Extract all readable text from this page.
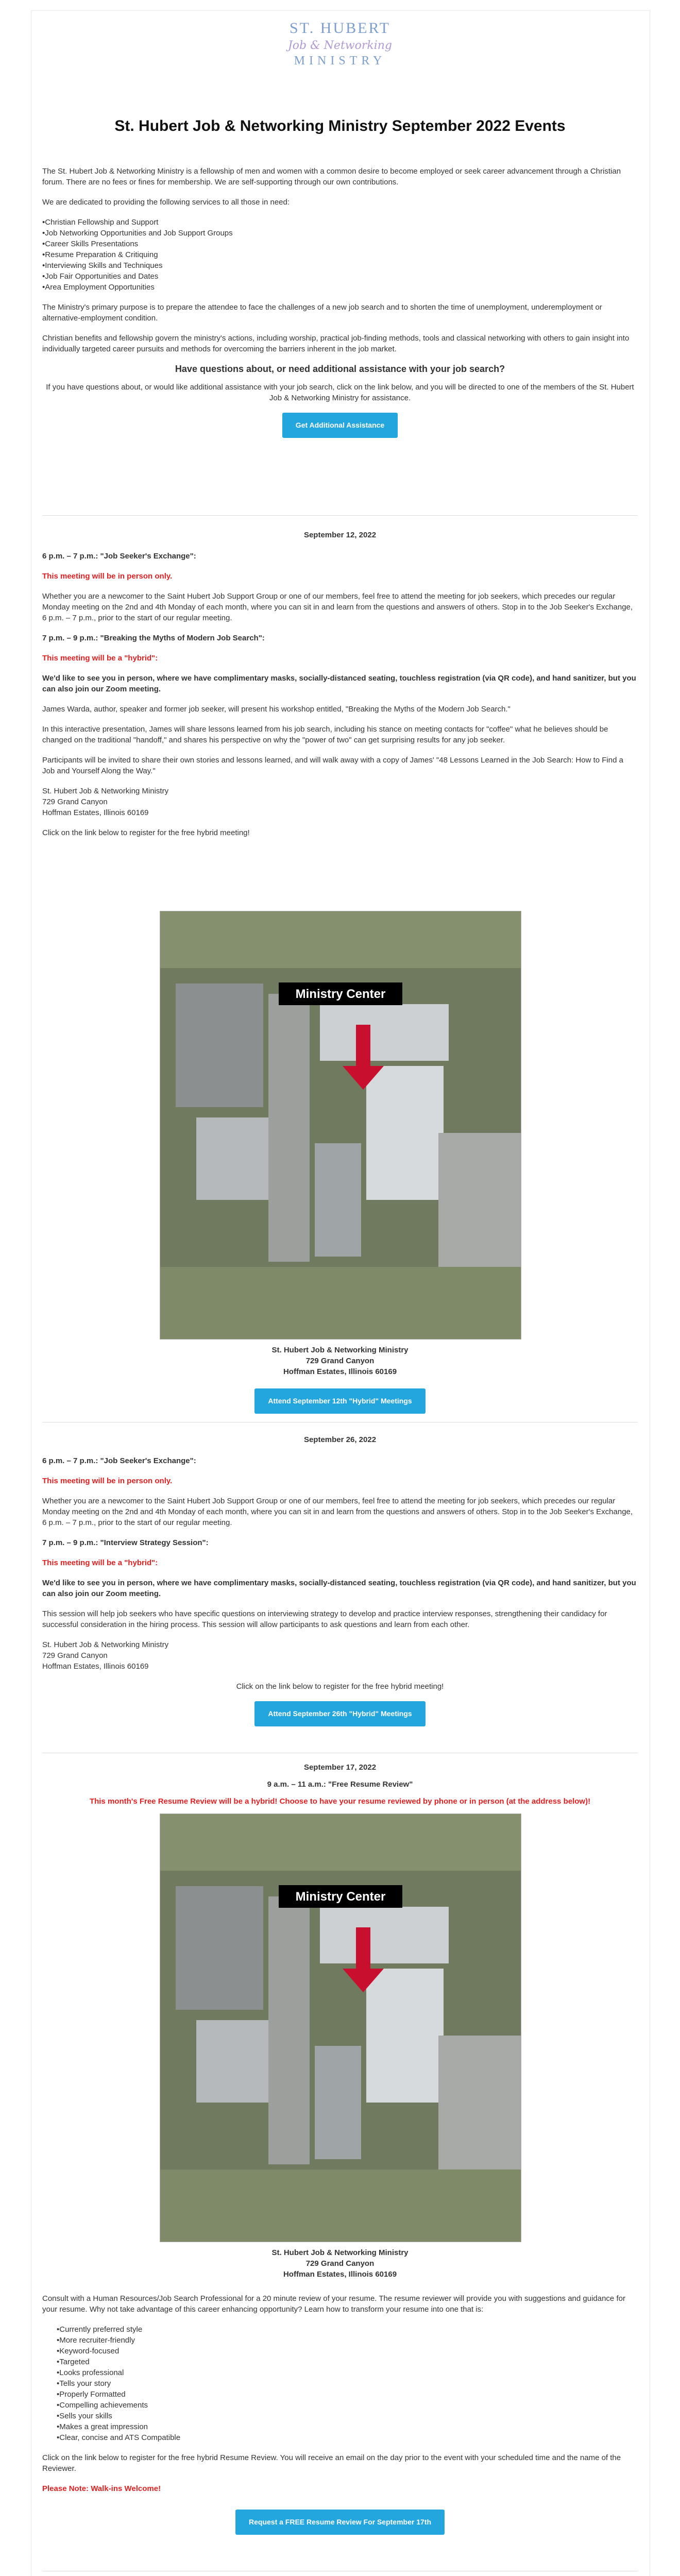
ST. HUBERT
Job & Networking
MINISTRY
St. Hubert Job & Networking Ministry September 2022 Events

The St. Hubert Job & Networking Ministry is a fellowship of men and women with a common desire to become employed or seek career advancement through a Christian forum. There are no fees or fines for membership. We are self-supporting through our own contributions.

We are dedicated to providing the following services to all those in need:

• Christian Fellowship and Support
• Job Networking Opportunities and Job Support Groups
• Career Skills Presentations
• Resume Preparation & Critiquing
• Interviewing Skills and Techniques
• Job Fair Opportunities and Dates
• Area Employment Opportunities

The Ministry's primary purpose is to prepare the attendee to face the challenges of a new job search and to shorten the time of unemployment, underemployment or alternative-employment condition.

Christian benefits and fellowship govern the ministry's actions, including worship, practical job-finding methods, tools and classical networking with others to gain insight into individually targeted career pursuits and methods for overcoming the barriers inherent in the job market.

Have questions about, or need additional assistance with your job search?

If you have questions about, or would like additional assistance with your job search, click on the link below, and you will be directed to one of the members of the St. Hubert Job & Networking Ministry for assistance.

Get Additional Assistance
September 12, 2022

6 p.m. – 7 p.m.: "Job Seeker's Exchange":

This meeting will be in person only.

Whether you are a newcomer to the Saint Hubert Job Support Group or one of our members, feel free to attend the meeting for job seekers, which precedes our regular Monday meeting on the 2nd and 4th Monday of each month, where you can sit in and learn from the questions and answers of others. Stop in to the Job Seeker's Exchange, 6 p.m. – 7 p.m., prior to the start of our regular meeting.

7 p.m. – 9 p.m.: "Breaking the Myths of Modern Job Search":

This meeting will be a "hybrid":

We'd like to see you in person, where we have complimentary masks, socially-distanced seating, touchless registration (via QR code), and hand sanitizer, but you can also join our Zoom meeting.

James Warda, author, speaker and former job seeker, will present his workshop entitled, "Breaking the Myths of the Modern Job Search."

In this interactive presentation, James will share lessons learned from his job search, including his stance on meeting contacts for "coffee" what he believes should be changed on the traditional "handoff," and shares his perspective on why the "power of two" can get surprising results for any job seeker.

Participants will be invited to share their own stories and lessons learned, and will walk away with a copy of James' "48 Lessons Learned in the Job Search: How to Find a Job and Yourself Along the Way."

St. Hubert Job & Networking Ministry
729 Grand Canyon
Hoffman Estates, Illinois 60169

Click on the link below to register for the free hybrid meeting!

Ministry Center
St. Hubert Job & Networking Ministry
729 Grand Canyon
Hoffman Estates, Illinois 60169
Attend September 12th "Hybrid" Meetings
September 26, 2022

6 p.m. – 7 p.m.: "Job Seeker's Exchange":

This meeting will be in person only.

Whether you are a newcomer to the Saint Hubert Job Support Group or one of our members, feel free to attend the meeting for job seekers, which precedes our regular Monday meeting on the 2nd and 4th Monday of each month, where you can sit in and learn from the questions and answers of others. Stop in to the Job Seeker's Exchange, 6 p.m. – 7 p.m., prior to the start of our regular meeting.

7 p.m. – 9 p.m.: "Interview Strategy Session":

This meeting will be a "hybrid":

We'd like to see you in person, where we have complimentary masks, socially-distanced seating, touchless registration (via QR code), and hand sanitizer, but you can also join our Zoom meeting.

This session will help job seekers who have specific questions on interviewing strategy to develop and practice interview responses, strengthening their candidacy for successful consideration in the hiring process. This session will allow participants to ask questions and learn from each other.

St. Hubert Job & Networking Ministry
729 Grand Canyon
Hoffman Estates, Illinois 60169

Click on the link below to register for the free hybrid meeting!

Attend September 26th "Hybrid" Meetings
September 17, 2022

9 a.m. – 11 a.m.: "Free Resume Review"

This month's Free Resume Review will be a hybrid! Choose to have your resume reviewed by phone or in person (at the address below)!

Ministry Center
St. Hubert Job & Networking Ministry
729 Grand Canyon
Hoffman Estates, Illinois 60169

Consult with a Human Resources/Job Search Professional for a 20 minute review of your resume. The resume reviewer will provide you with suggestions and guidance for your resume. Why not take advantage of this career enhancing opportunity? Learn how to transform your resume into one that is:

• Currently preferred style
• More recruiter-friendly
• Keyword-focused
• Targeted
• Looks professional
• Tells your story
• Properly Formatted
• Compelling achievements
• Sells your skills
• Makes a great impression
• Clear, concise and ATS Compatible

Click on the link below to register for the free hybrid Resume Review. You will receive an email on the day prior to the event with your scheduled time and the name of the Reviewer.

Please Note: Walk-ins Welcome!

Request a FREE Resume Review For September 17th
